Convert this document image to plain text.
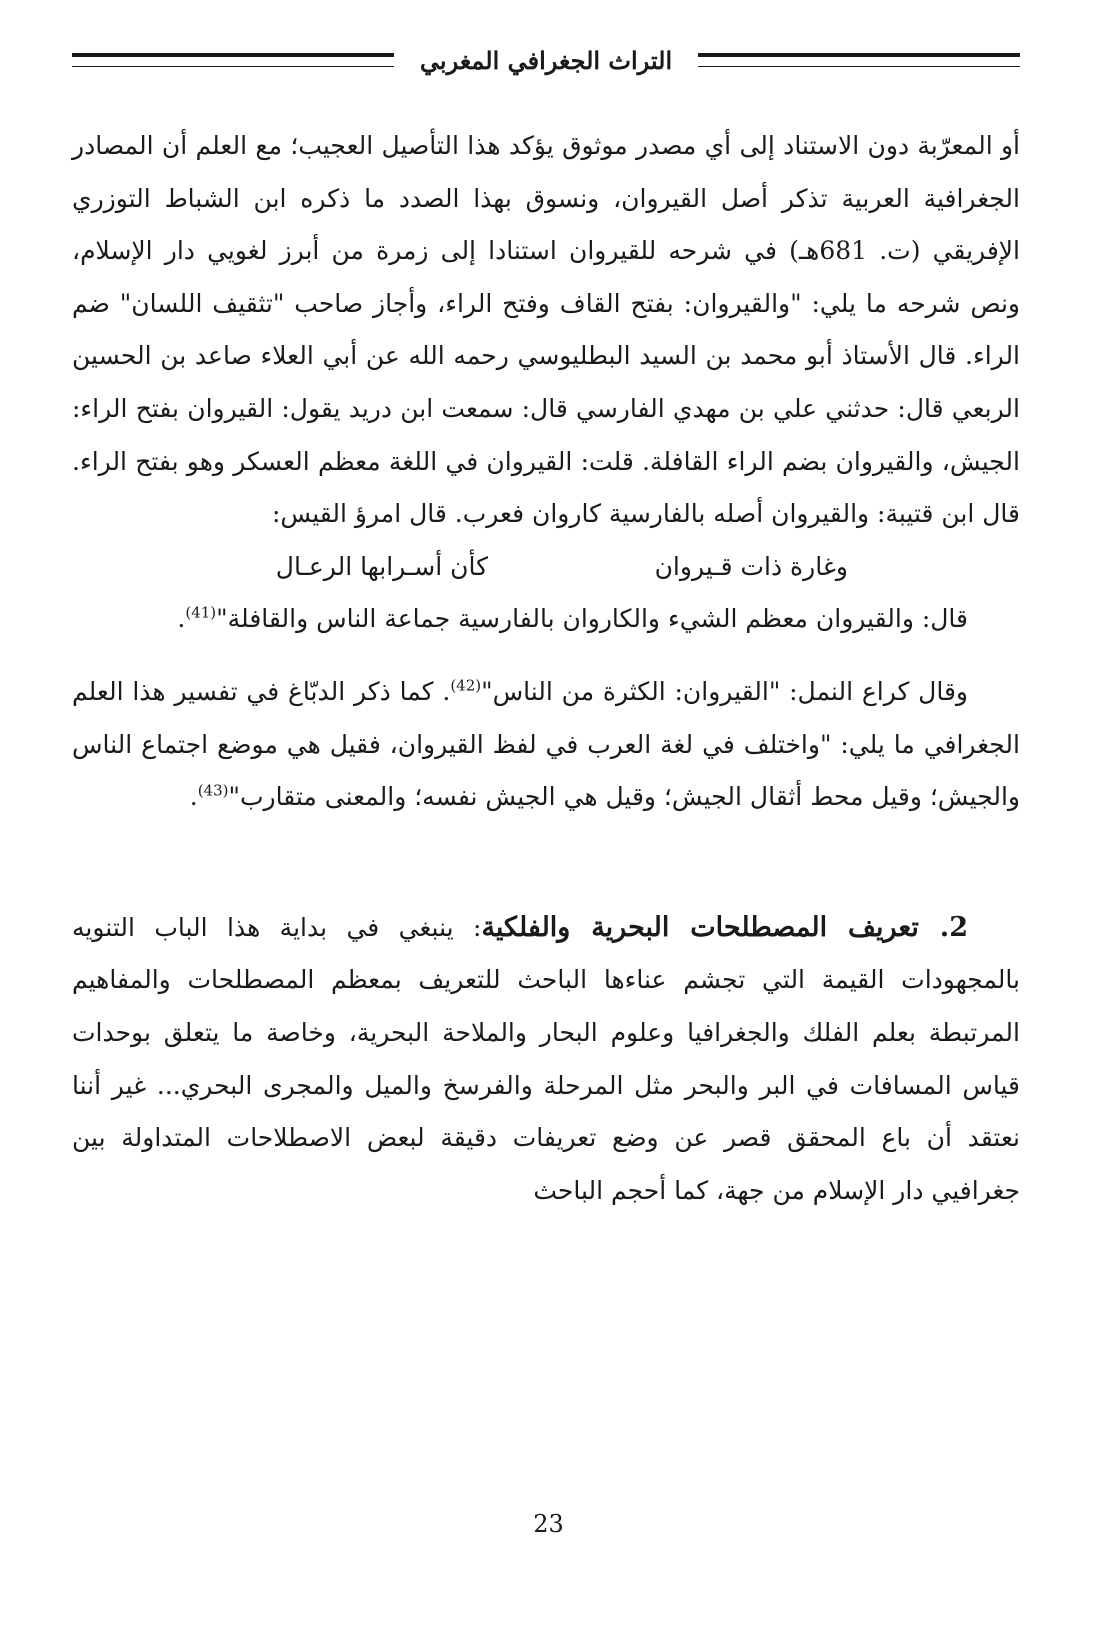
التراث الجغرافي المغربي

أو المعرّبة دون الاستناد إلى أي مصدر موثوق يؤكد هذا التأصيل العجيب؛ مع العلم أن المصادر الجغرافية العربية تذكر أصل القيروان، ونسوق بهذا الصدد ما ذكره ابن الشباط التوزري الإفريقي (ت. 681هـ) في شرحه للقيروان استنادا إلى زمرة من أبرز لغويي دار الإسلام، ونص شرحه ما يلي: "والقيروان: بفتح القاف وفتح الراء، وأجاز صاحب "تثقيف اللسان" ضم الراء. قال الأستاذ أبو محمد بن السيد البطليوسي رحمه الله عن أبي العلاء صاعد بن الحسين الربعي قال: حدثني علي بن مهدي الفارسي قال: سمعت ابن دريد يقول: القيروان بفتح الراء: الجيش، والقيروان بضم الراء القافلة. قلت: القيروان في اللغة معظم العسكر وهو بفتح الراء. قال ابن قتيبة: والقيروان أصله بالفارسية كاروان فعرب. قال امرؤ القيس:

وغارة ذات قـيروان
كأن أسـرابها الرعـال

قال: والقيروان معظم الشيء والكاروان بالفارسية جماعة الناس والقافلة"$^{(41)}$.

وقال كراع النمل: "القيروان: الكثرة من الناس"$^{(42)}$. كما ذكر الدبّاغ في تفسير هذا العلم الجغرافي ما يلي: "واختلف في لغة العرب في لفظ القيروان، فقيل هي موضع اجتماع الناس والجيش؛ وقيل محط أثقال الجيش؛ وقيل هي الجيش نفسه؛ والمعنى متقارب"$^{(43)}$.

2. تعريف المصطلحات البحرية والفلكية: ينبغي في بداية هذا الباب التنويه بالمجهودات القيمة التي تجشم عناءها الباحث للتعريف بمعظم المصطلحات والمفاهيم المرتبطة بعلم الفلك والجغرافيا وعلوم البحار والملاحة البحرية، وخاصة ما يتعلق بوحدات قياس المسافات في البر والبحر مثل المرحلة والفرسخ والميل والمجرى البحري... غير أننا نعتقد أن باع المحقق قصر عن وضع تعريفات دقيقة لبعض الاصطلاحات المتداولة بين جغرافيي دار الإسلام من جهة، كما أحجم الباحث

23
